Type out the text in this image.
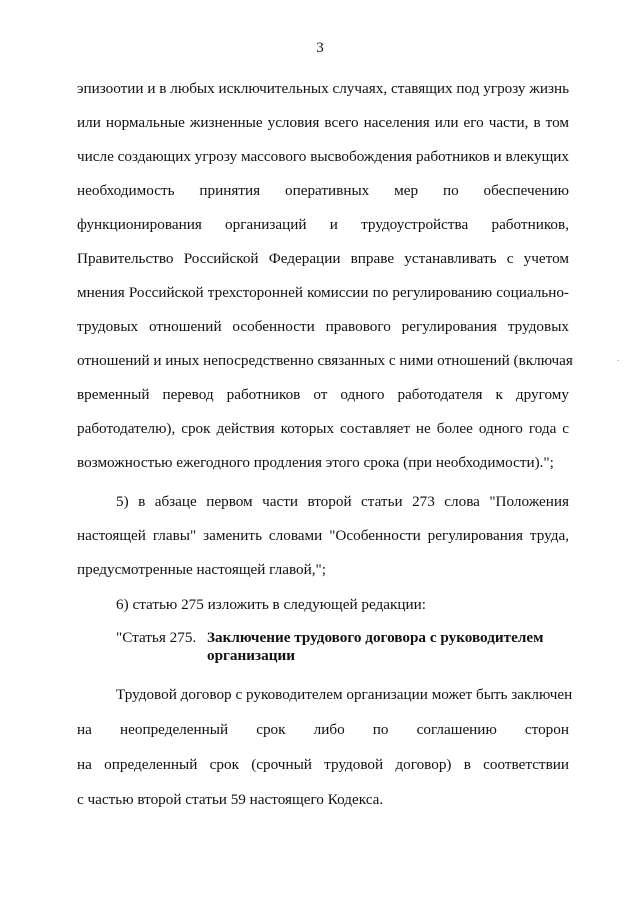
3
эпизоотии и в любых исключительных случаях, ставящих под угрозу жизнь
или нормальные жизненные условия всего населения или его части, в том
числе создающих угрозу массового высвобождения работников и влекущих
необходимость принятия оперативных мер по обеспечению
функционирования организаций и трудоустройства работников,
Правительство Российской Федерации вправе устанавливать с учетом
мнения Российской трехсторонней комиссии по регулированию социально-
трудовых отношений особенности правового регулирования трудовых
отношений и иных непосредственно связанных с ними отношений (включая
временный перевод работников от одного работодателя к другому
работодателю), срок действия которых составляет не более одного года с
возможностью ежегодного продления этого срока (при необходимости).";
5) в абзаце первом части второй статьи 273 слова "Положения
настоящей главы" заменить словами "Особенности регулирования труда,
предусмотренные настоящей главой,";
6) статью 275 изложить в следующей редакции:
"Статья 275. Заключение трудового договора с руководителем
организации
Трудовой договор с руководителем организации может быть заключен
на неопределенный срок либо по соглашению сторон
на определенный срок (срочный трудовой договор) в соответствии
с частью второй статьи 59 настоящего Кодекса.
